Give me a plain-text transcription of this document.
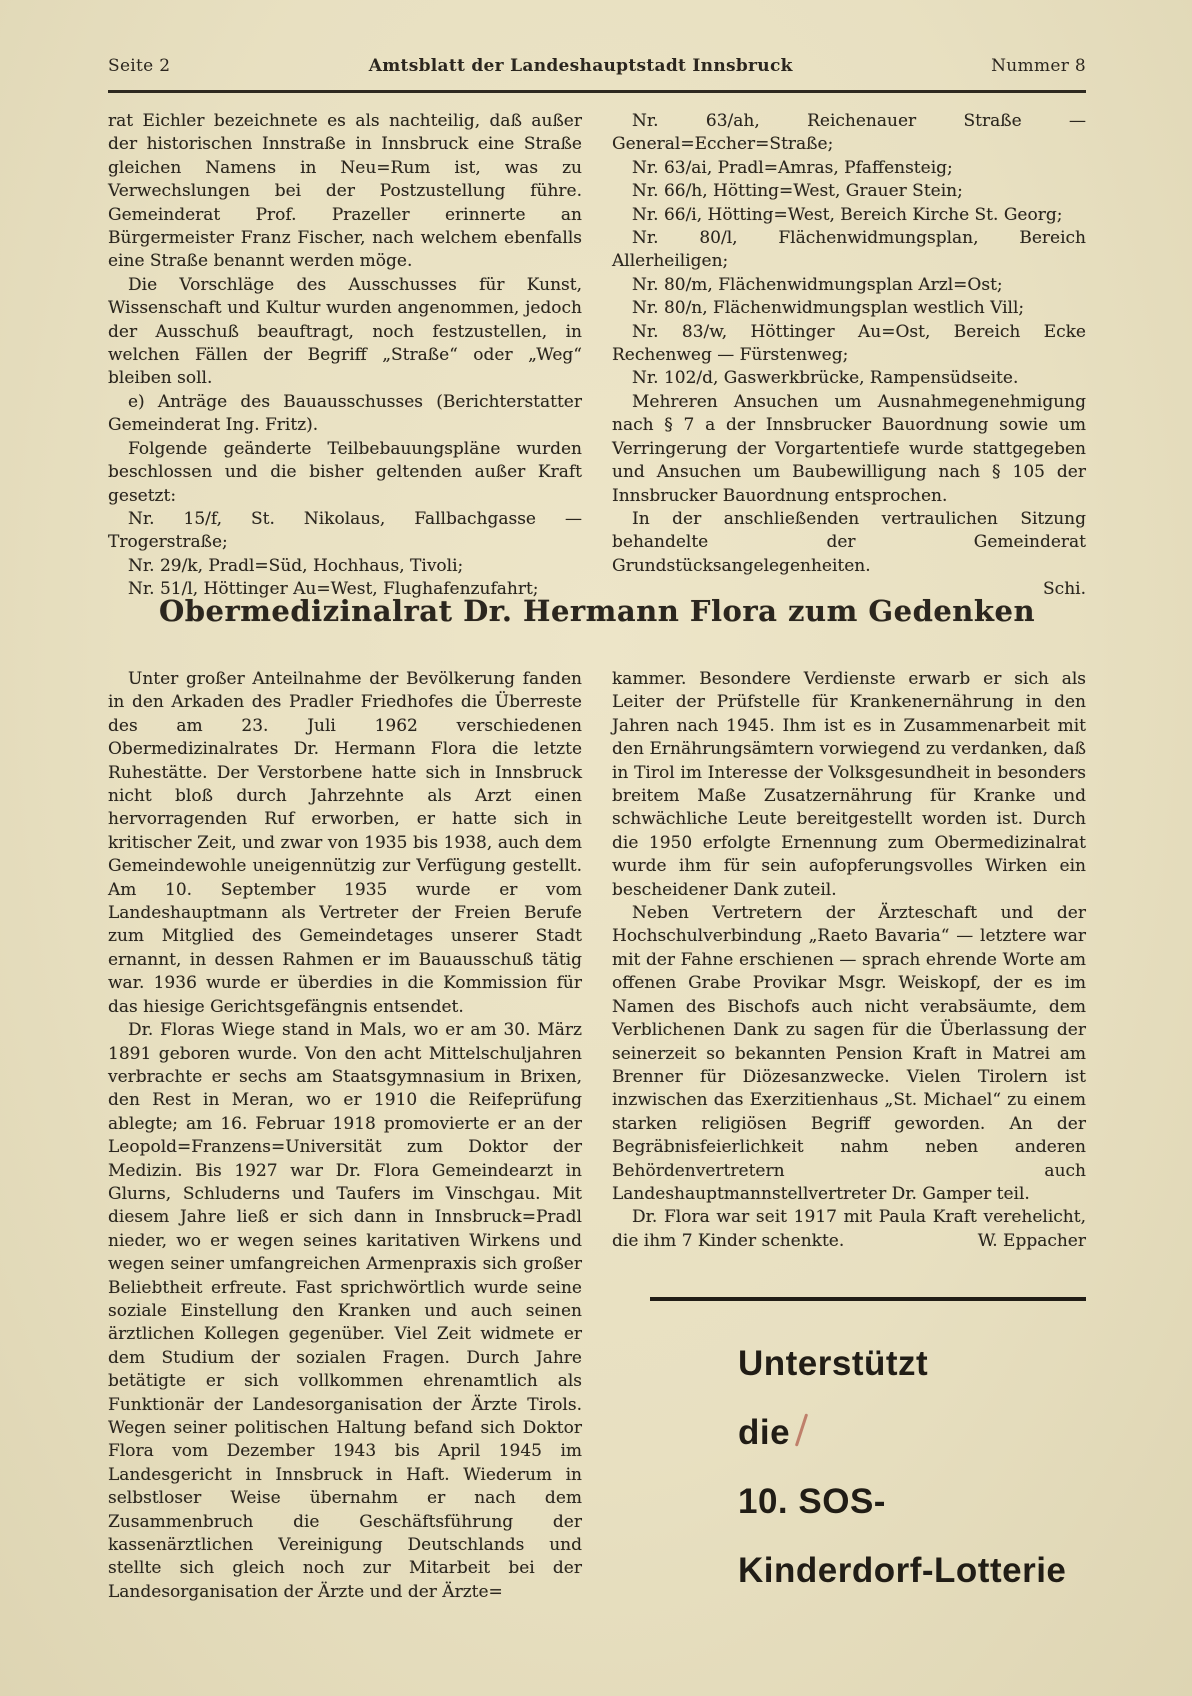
Seite 2	Amtsblatt der Landeshauptstadt Innsbruck	Nummer 8

rat Eichler bezeichnete es als nachteilig, daß außer der historischen Innstraße in Innsbruck eine Straße gleichen Namens in Neu=Rum ist, was zu Verwechslungen bei der Postzustellung führe. Gemeinderat Prof. Prazeller erinnerte an Bürgermeister Franz Fischer, nach welchem ebenfalls eine Straße benannt werden möge.

Die Vorschläge des Ausschusses für Kunst, Wissenschaft und Kultur wurden angenommen, jedoch der Ausschuß beauftragt, noch festzustellen, in welchen Fällen der Begriff „Straße“ oder „Weg“ bleiben soll.

e) Anträge des Bauausschusses (Berichterstatter Gemeinderat Ing. Fritz).

Folgende geänderte Teilbebauungspläne wurden beschlossen und die bisher geltenden außer Kraft gesetzt:

Nr. 15/f, St. Nikolaus, Fallbachgasse — Trogerstraße;

Nr. 29/k, Pradl=Süd, Hochhaus, Tivoli;

Nr. 51/l, Höttinger Au=West, Flughafenzufahrt;

Nr. 63/ah, Reichenauer Straße — General=Eccher=Straße;

Nr. 63/ai, Pradl=Amras, Pfaffensteig;

Nr. 66/h, Hötting=West, Grauer Stein;

Nr. 66/i, Hötting=West, Bereich Kirche St. Georg;

Nr. 80/l, Flächenwidmungsplan, Bereich Allerheiligen;

Nr. 80/m, Flächenwidmungsplan Arzl=Ost;

Nr. 80/n, Flächenwidmungsplan westlich Vill;

Nr. 83/w, Höttinger Au=Ost, Bereich Ecke Rechenweg — Fürstenweg;

Nr. 102/d, Gaswerkbrücke, Rampensüdseite.

Mehreren Ansuchen um Ausnahmegenehmigung nach § 7 a der Innsbrucker Bauordnung sowie um Verringerung der Vorgartentiefe wurde stattgegeben und Ansuchen um Baubewilligung nach § 105 der Innsbrucker Bauordnung entsprochen.

In der anschließenden vertraulichen Sitzung behandelte der Gemeinderat Grundstücksangelegenheiten.

Schi.
Obermedizinalrat Dr. Hermann Flora zum Gedenken

Unter großer Anteilnahme der Bevölkerung fanden in den Arkaden des Pradler Friedhofes die Überreste des am 23. Juli 1962 verschiedenen Obermedizinalrates Dr. Hermann Flora die letzte Ruhestätte. Der Verstorbene hatte sich in Innsbruck nicht bloß durch Jahrzehnte als Arzt einen hervorragenden Ruf erworben, er hatte sich in kritischer Zeit, und zwar von 1935 bis 1938, auch dem Gemeindewohle uneigennützig zur Verfügung gestellt. Am 10. September 1935 wurde er vom Landeshauptmann als Vertreter der Freien Berufe zum Mitglied des Gemeindetages unserer Stadt ernannt, in dessen Rahmen er im Bauausschuß tätig war. 1936 wurde er überdies in die Kommission für das hiesige Gerichtsgefängnis entsendet.

Dr. Floras Wiege stand in Mals, wo er am 30. März 1891 geboren wurde. Von den acht Mittelschuljahren verbrachte er sechs am Staatsgymnasium in Brixen, den Rest in Meran, wo er 1910 die Reifeprüfung ablegte; am 16. Februar 1918 promovierte er an der Leopold=Franzens=Universität zum Doktor der Medizin. Bis 1927 war Dr. Flora Gemeindearzt in Glurns, Schluderns und Taufers im Vinschgau. Mit diesem Jahre ließ er sich dann in Innsbruck=Pradl nieder, wo er wegen seines karitativen Wirkens und wegen seiner umfangreichen Armenpraxis sich großer Beliebtheit erfreute. Fast sprichwörtlich wurde seine soziale Einstellung den Kranken und auch seinen ärztlichen Kollegen gegenüber. Viel Zeit widmete er dem Studium der sozialen Fragen. Durch Jahre betätigte er sich vollkommen ehrenamtlich als Funktionär der Landesorganisation der Ärzte Tirols. Wegen seiner politischen Haltung befand sich Doktor Flora vom Dezember 1943 bis April 1945 im Landesgericht in Innsbruck in Haft. Wiederum in selbstloser Weise übernahm er nach dem Zusammenbruch die Geschäftsführung der kassenärztlichen Vereinigung Deutschlands und stellte sich gleich noch zur Mitarbeit bei der Landesorganisation der Ärzte und der Ärzte=

kammer. Besondere Verdienste erwarb er sich als Leiter der Prüfstelle für Krankenernährung in den Jahren nach 1945. Ihm ist es in Zusammenarbeit mit den Ernährungsämtern vorwiegend zu verdanken, daß in Tirol im Interesse der Volksgesundheit in besonders breitem Maße Zusatzernährung für Kranke und schwächliche Leute bereitgestellt worden ist. Durch die 1950 erfolgte Ernennung zum Obermedizinalrat wurde ihm für sein aufopferungsvolles Wirken ein bescheidener Dank zuteil.

Neben Vertretern der Ärzteschaft und der Hochschulverbindung „Raeto Bavaria“ — letztere war mit der Fahne erschienen — sprach ehrende Worte am offenen Grabe Provikar Msgr. Weiskopf, der es im Namen des Bischofs auch nicht verabsäumte, dem Verblichenen Dank zu sagen für die Überlassung der seinerzeit so bekannten Pension Kraft in Matrei am Brenner für Diözesanzwecke. Vielen Tirolern ist inzwischen das Exerzitienhaus „St. Michael“ zu einem starken religiösen Begriff geworden. An der Begräbnisfeierlichkeit nahm neben anderen Behördenvertretern auch Landeshauptmannstellvertreter Dr. Gamper teil.

Dr. Flora war seit 1917 mit Paula Kraft verehelicht, die ihm 7 Kinder schenkte.	W. Eppacher

Unterstützt
die
10. SOS-
Kinderdorf-Lotterie
